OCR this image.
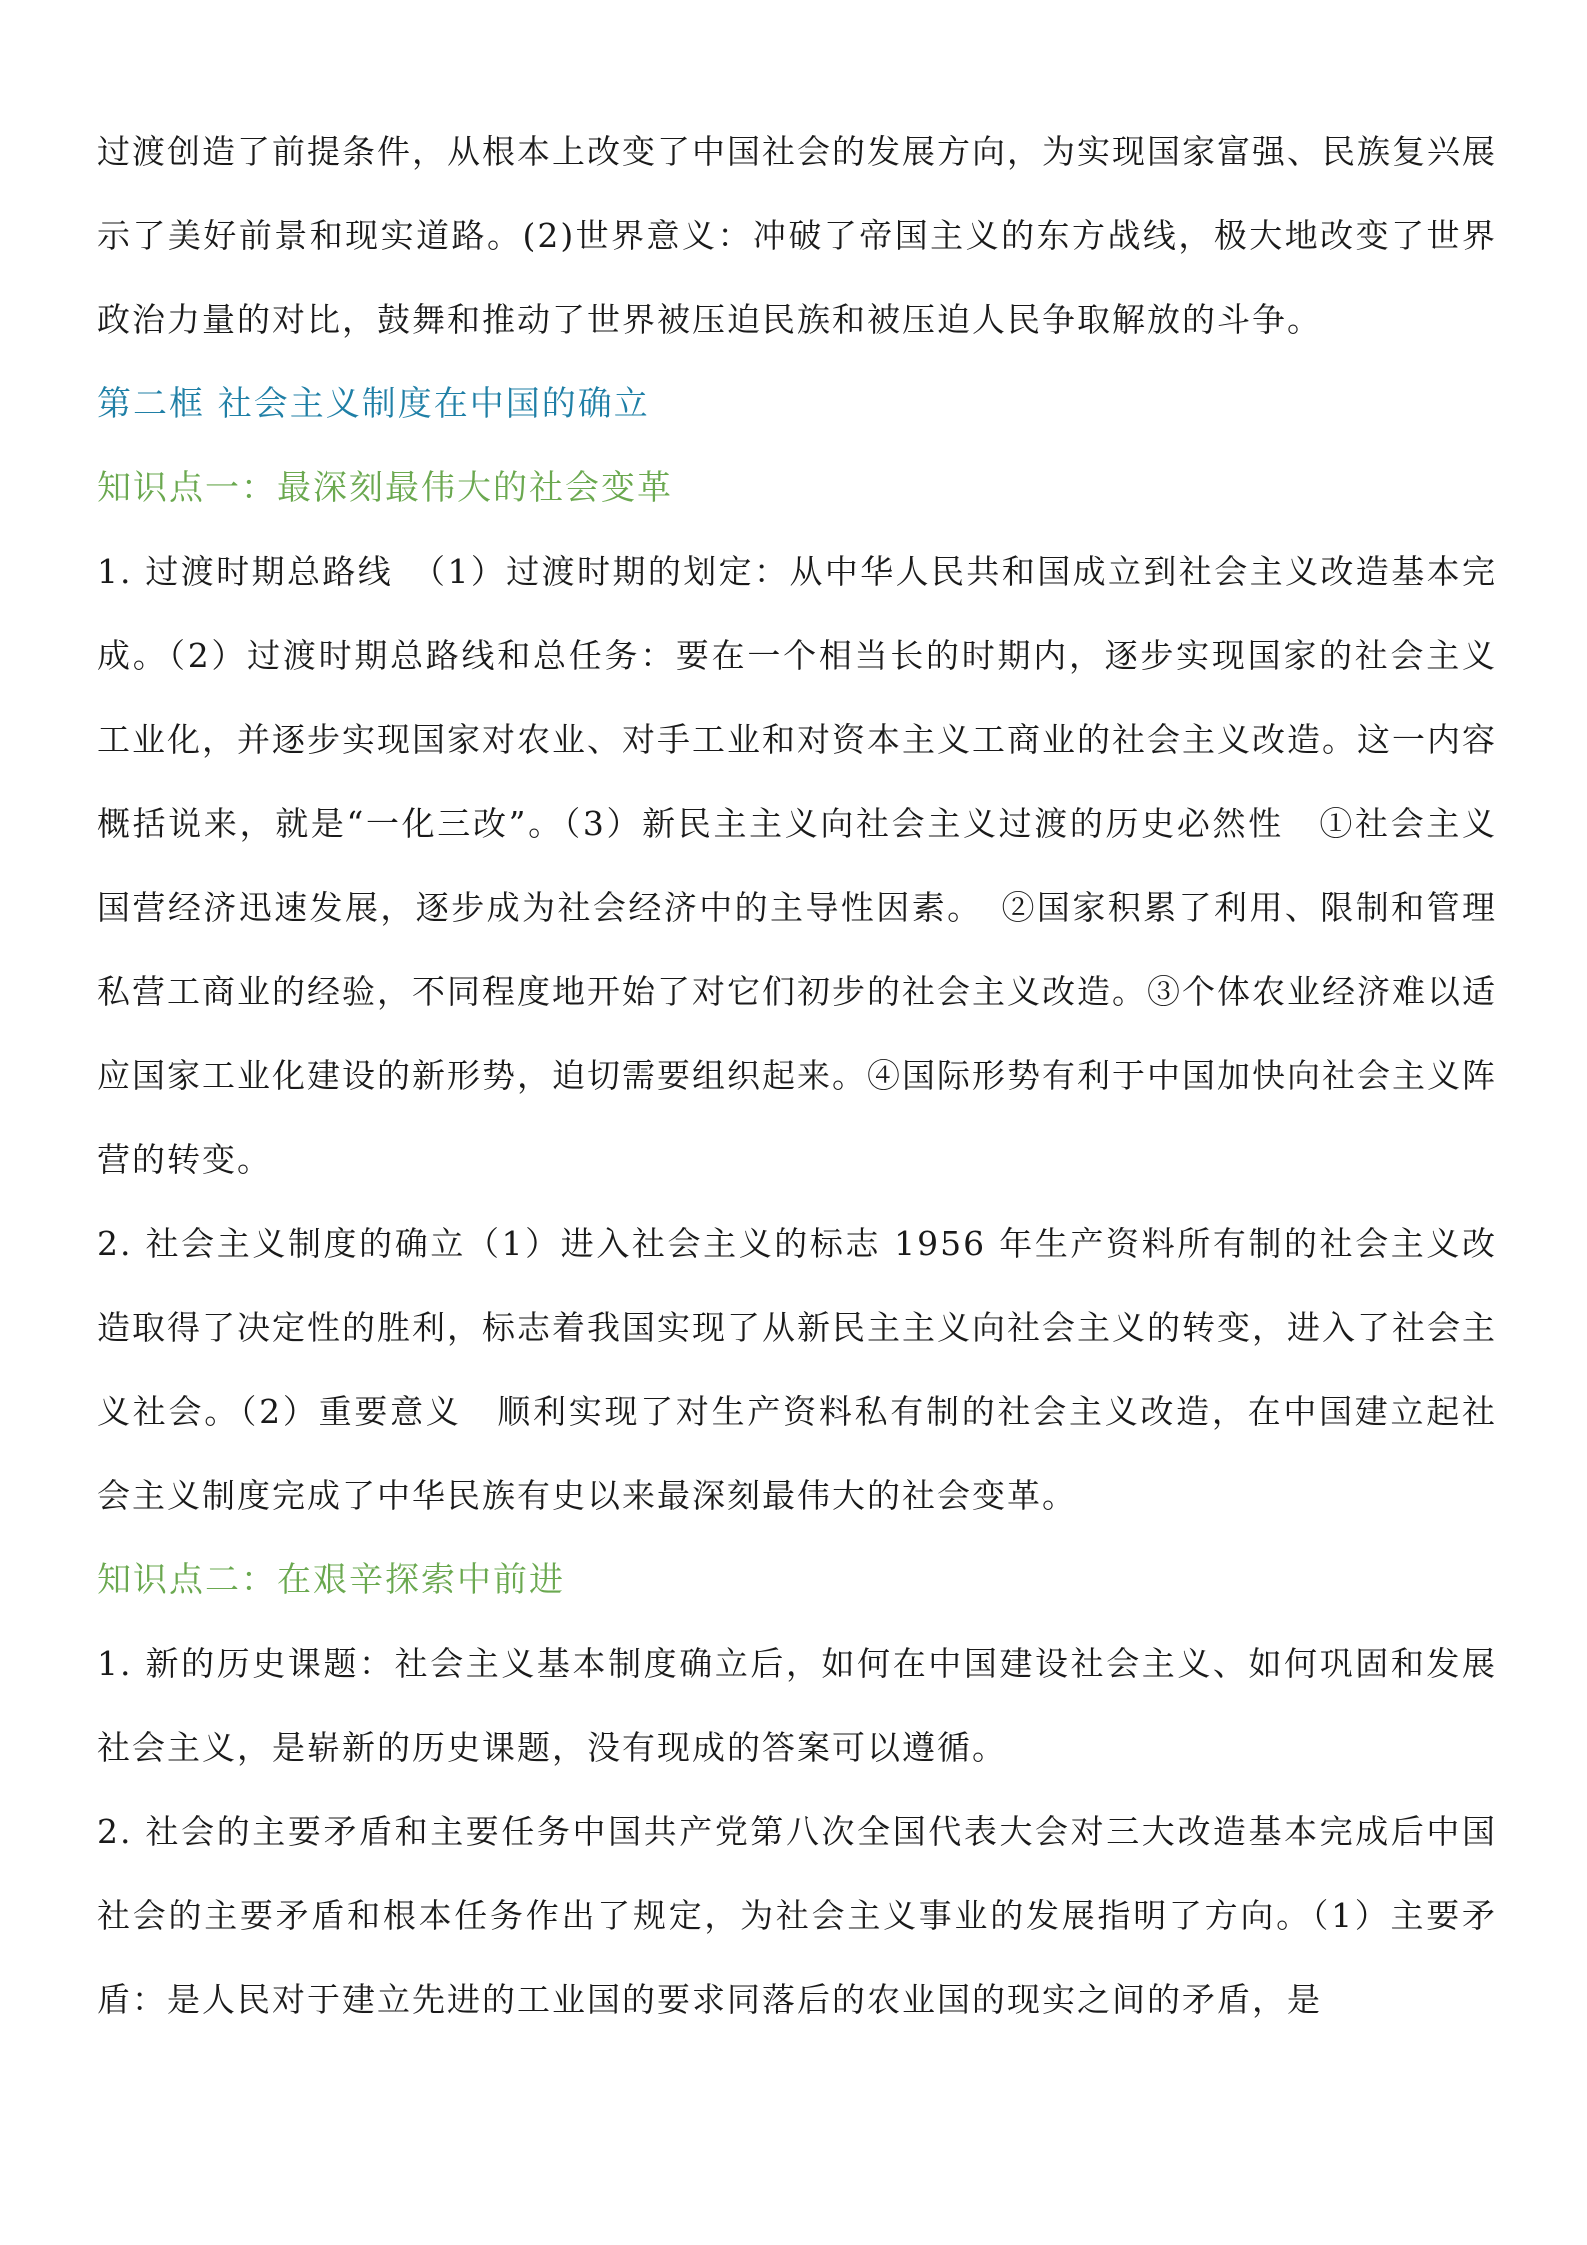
过渡创造了前提条件，从根本上改变了中国社会的发展方向，为实现国家富强、民族复兴展示了美好前景和现实道路。(2)世界意义：冲破了帝国主义的东方战线，极大地改变了世界政治力量的对比，鼓舞和推动了世界被压迫民族和被压迫人民争取解放的斗争。

第二框 社会主义制度在中国的确立

知识点一：最深刻最伟大的社会变革

1. 过渡时期总路线　（1）过渡时期的划定：从中华人民共和国成立到社会主义改造基本完成。（2）过渡时期总路线和总任务：要在一个相当长的时期内，逐步实现国家的社会主义工业化，并逐步实现国家对农业、对手工业和对资本主义工商业的社会主义改造。这一内容概括说来，就是“一化三改”。（3）新民主主义向社会主义过渡的历史必然性　①社会主义国营经济迅速发展，逐步成为社会经济中的主导性因素。　②国家积累了利用、限制和管理私营工商业的经验，不同程度地开始了对它们初步的社会主义改造。③个体农业经济难以适应国家工业化建设的新形势，迫切需要组织起来。④国际形势有利于中国加快向社会主义阵营的转变。

2. 社会主义制度的确立（1）进入社会主义的标志 1956 年生产资料所有制的社会主义改造取得了决定性的胜利，标志着我国实现了从新民主主义向社会主义的转变，进入了社会主义社会。（2）重要意义　顺利实现了对生产资料私有制的社会主义改造，在中国建立起社会主义制度完成了中华民族有史以来最深刻最伟大的社会变革。

知识点二：在艰辛探索中前进

1. 新的历史课题：社会主义基本制度确立后，如何在中国建设社会主义、如何巩固和发展社会主义，是崭新的历史课题，没有现成的答案可以遵循。

2. 社会的主要矛盾和主要任务中国共产党第八次全国代表大会对三大改造基本完成后中国社会的主要矛盾和根本任务作出了规定，为社会主义事业的发展指明了方向。（1）主要矛盾：是人民对于建立先进的工业国的要求同落后的农业国的现实之间的矛盾，是
